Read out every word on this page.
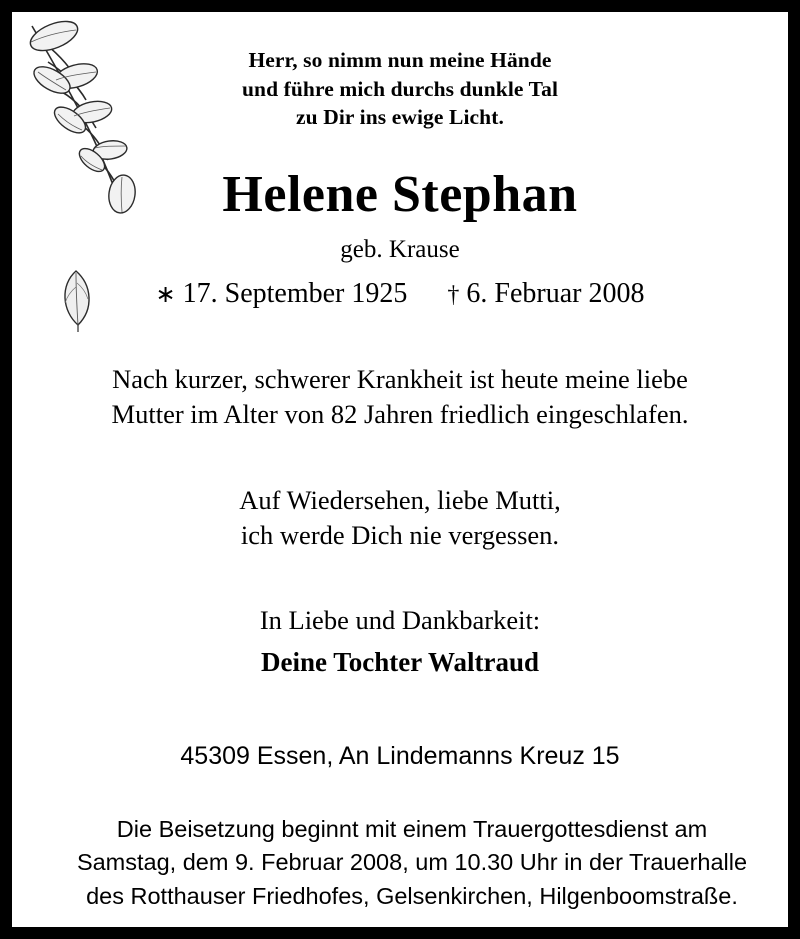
Herr, so nimm nun meine Hände
und führe mich durchs dunkle Tal
zu Dir ins ewige Licht.
Helene Stephan
geb. Krause
∗ 17. September 1925 † 6. Februar 2008
Nach kurzer, schwerer Krankheit ist heute meine liebe
Mutter im Alter von 82 Jahren friedlich eingeschlafen.
Auf Wiedersehen, liebe Mutti,
ich werde Dich nie vergessen.
In Liebe und Dankbarkeit:
Deine Tochter Waltraud
45309 Essen, An Lindemanns Kreuz 15
Die Beisetzung beginnt mit einem Trauergottesdienst am
Samstag, dem 9. Februar 2008, um 10.30 Uhr in der Trauerhalle
des Rotthauser Friedhofes, Gelsenkirchen, Hilgenboomstraße.
